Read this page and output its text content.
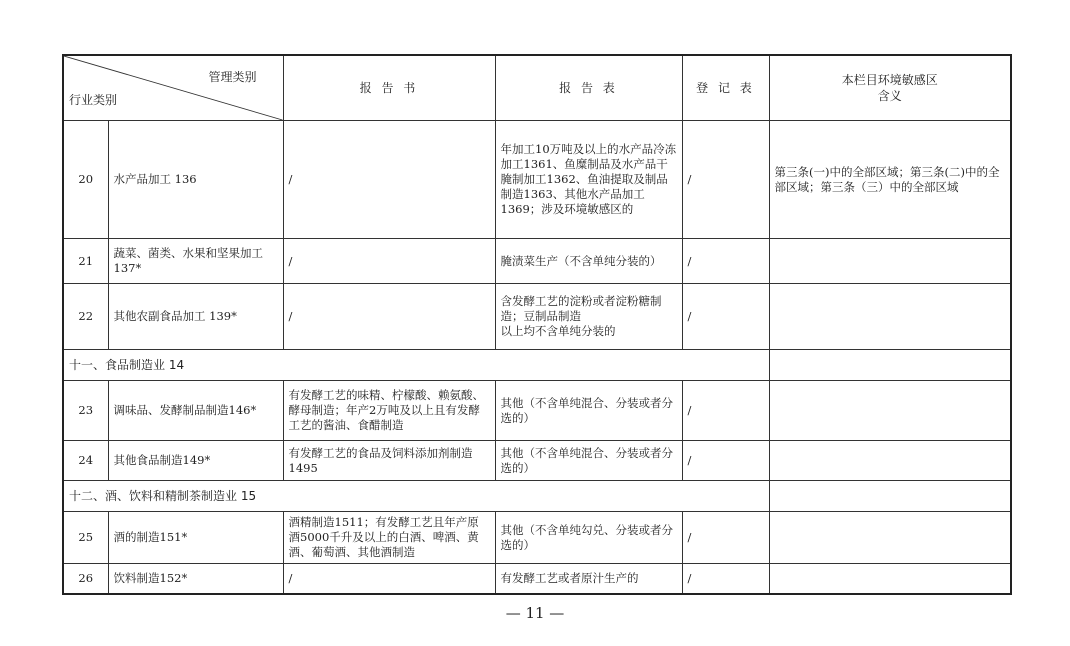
管理类别
行业类别		报 告 书	报 告 表	登 记 表	本栏目环境敏感区
含义
20	水产品加工 136	/	年加工10万吨及以上的水产品冷冻加工1361、鱼糜制品及水产品干腌制加工1362、鱼油提取及制品制造1363、其他水产品加工1369；涉及环境敏感区的	/	第三条(一)中的全部区域；第三条(二)中的全部区域；第三条（三）中的全部区域
21	蔬菜、菌类、水果和坚果加工137*	/	腌渍菜生产（不含单纯分装的）	/	
22	其他农副食品加工 139*	/	含发酵工艺的淀粉或者淀粉糖制造；豆制品制造
以上均不含单纯分装的	/	
十一、食品制造业 14					
23	调味品、发酵制品制造146*	有发酵工艺的味精、柠檬酸、赖氨酸、酵母制造；年产2万吨及以上且有发酵工艺的酱油、食醋制造	其他（不含单纯混合、分装或者分选的）	/	
24	其他食品制造149*	有发酵工艺的食品及饲料添加剂制造1495	其他（不含单纯混合、分装或者分选的）	/	
十二、酒、饮料和精制茶制造业 15					
25	酒的制造151*	酒精制造1511；有发酵工艺且年产原酒5000千升及以上的白酒、啤酒、黄酒、葡萄酒、其他酒制造	其他（不含单纯勾兑、分装或者分选的）	/	
26	饮料制造152*	/	有发酵工艺或者原汁生产的	/	
— 11 —
